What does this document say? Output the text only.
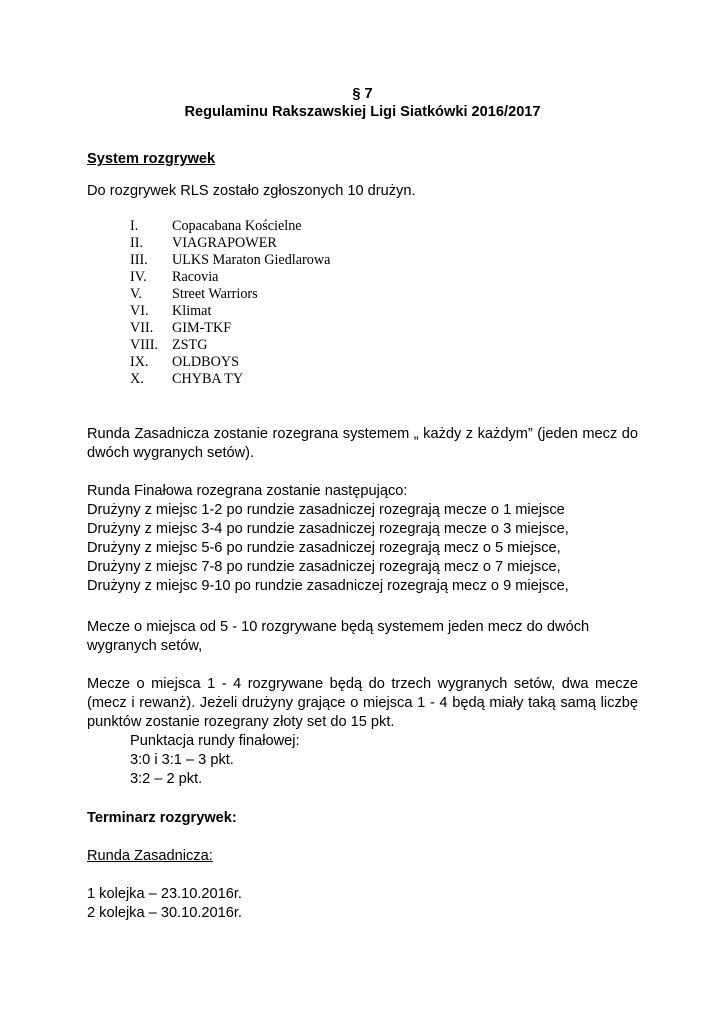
§ 7
Regulaminu Rakszawskiej Ligi Siatkówki 2016/2017
System rozgrywek
Do rozgrywek RLS zostało zgłoszonych 10 drużyn.
I. Copacabana Kościelne
II. VIAGRAPOWER
III. ULKS Maraton Giedlarowa
IV. Racovia
V. Street Warriors
VI. Klimat
VII. GIM-TKF
VIII. ZSTG
IX. OLDBOYS
X. CHYBA TY
Runda Zasadnicza zostanie rozegrana systemem „ każdy z każdym” (jeden mecz do
dwóch wygranych setów).
Runda Finałowa rozegrana zostanie następująco:
Drużyny z miejsc 1-2 po rundzie zasadniczej rozegrają mecze o 1 miejsce
Drużyny z miejsc 3-4 po rundzie zasadniczej rozegrają mecze o 3 miejsce,
Drużyny z miejsc 5-6 po rundzie zasadniczej rozegrają mecz o 5 miejsce,
Drużyny z miejsc 7-8 po rundzie zasadniczej rozegrają mecz o 7 miejsce,
Drużyny z miejsc 9-10 po rundzie zasadniczej rozegrają mecz o 9 miejsce,
Mecze o miejsca od 5 - 10 rozgrywane będą systemem jeden mecz do dwóch
wygranych setów,
Mecze o miejsca 1 - 4 rozgrywane będą do trzech wygranych setów, dwa mecze
(mecz i rewanż). Jeżeli drużyny grające o miejsca 1 - 4 będą miały taką samą liczbę
punktów zostanie rozegrany złoty set do 15 pkt.
Punktacja rundy finałowej:
3:0 i 3:1 – 3 pkt.
3:2 – 2 pkt.
Terminarz rozgrywek:
Runda Zasadnicza:
1 kolejka – 23.10.2016r.
2 kolejka – 30.10.2016r.
